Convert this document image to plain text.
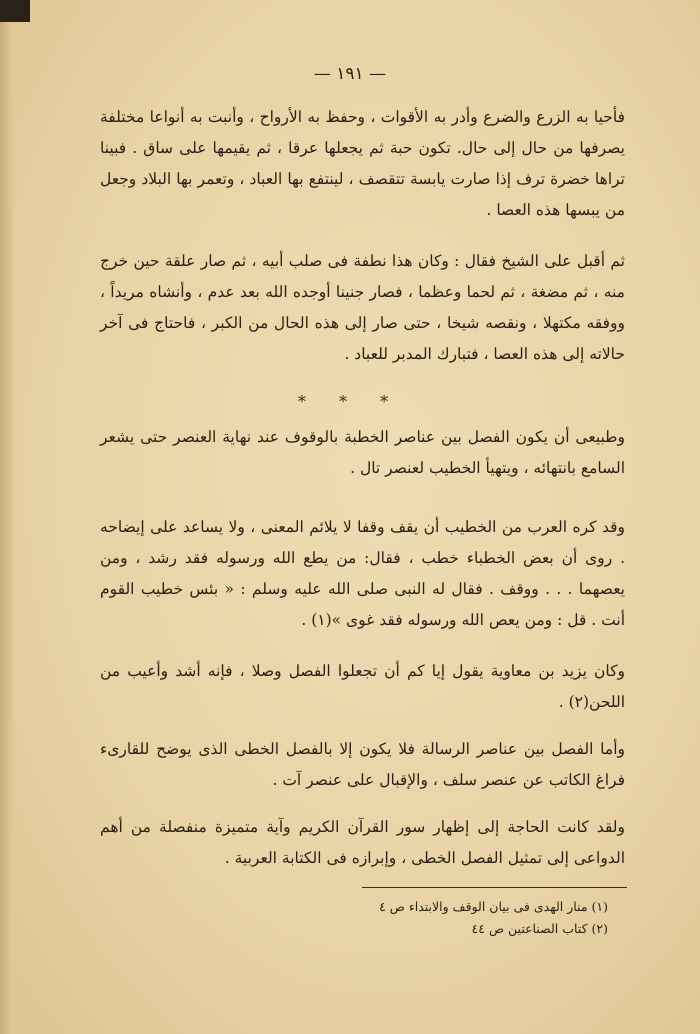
— ١٩١ —

فأحيا به الزرع والضرع وأدر به الأقوات ، وحفظ به الأرواح ، وأنبت به أنواعا مختلفة يصرفها من حال إلى حال. تكون حبة ثم يجعلها عرقا ، ثم يقيمها على ساق . فبينا تراها خضرة ترف إذا صارت يابسة تتقصف ، لينتفع بها العباد ، وتعمر بها البلاد وجعل من يبسها هذه العصا .

ثم أقبل على الشيخ فقال : وكان هذا نطفة فى صلب أبيه ، ثم صار علقة حين خرج منه ، ثم مضغة ، ثم لحما وعظما ، فصار جنينا أوجده الله بعد عدم ، وأنشاه مريداً ، ووفقه مكتهلا ، ونقصه شيخا ، حتى صار إلى هذه الحال من الكبر ، فاحتاج فى آخر حالاته إلى هذه العصا ، فتبارك المدبر للعباد .

* * *

وطبيعى أن يكون الفصل بين عناصر الخطبة بالوقوف عند نهاية العنصر حتى يشعر السامع بانتهائه ، ويتهيأ الخطيب لعنصر تال .

وقد كره العرب من الخطيب أن يقف وقفا لا يلائم المعنى ، ولا يساعد على إيضاحه . روى أن بعض الخطباء خطب ، فقال: من يطع الله ورسوله فقد رشد ، ومن يعصهما . . . ووقف . فقال له النبى صلى الله عليه وسلم : « بئس خطيب القوم أنت . قل : ومن يعص الله ورسوله فقد غوى »(١) .

وكان يزيد بن معاوية يقول إيا كم أن تجعلوا الفصل وصلا ، فإنه أشد وأعيب من اللحن(٢) .

وأما الفصل بين عناصر الرسالة فلا يكون إلا بالفصل الخطى الذى يوضح للقارىء فراغ الكاتب عن عنصر سلف ، والإقبال على عنصر آت .

ولقد كانت الحاجة إلى إظهار سور القرآن الكريم وآية متميزة منفصلة من أهم الدواعى إلى تمثيل الفصل الخطى ، وإبرازه فى الكتابة العربية .

(١) منار الهدى فى بيان الوقف والابتداء ص ٤
(٢) كتاب الصناعتين ص ٤٤
